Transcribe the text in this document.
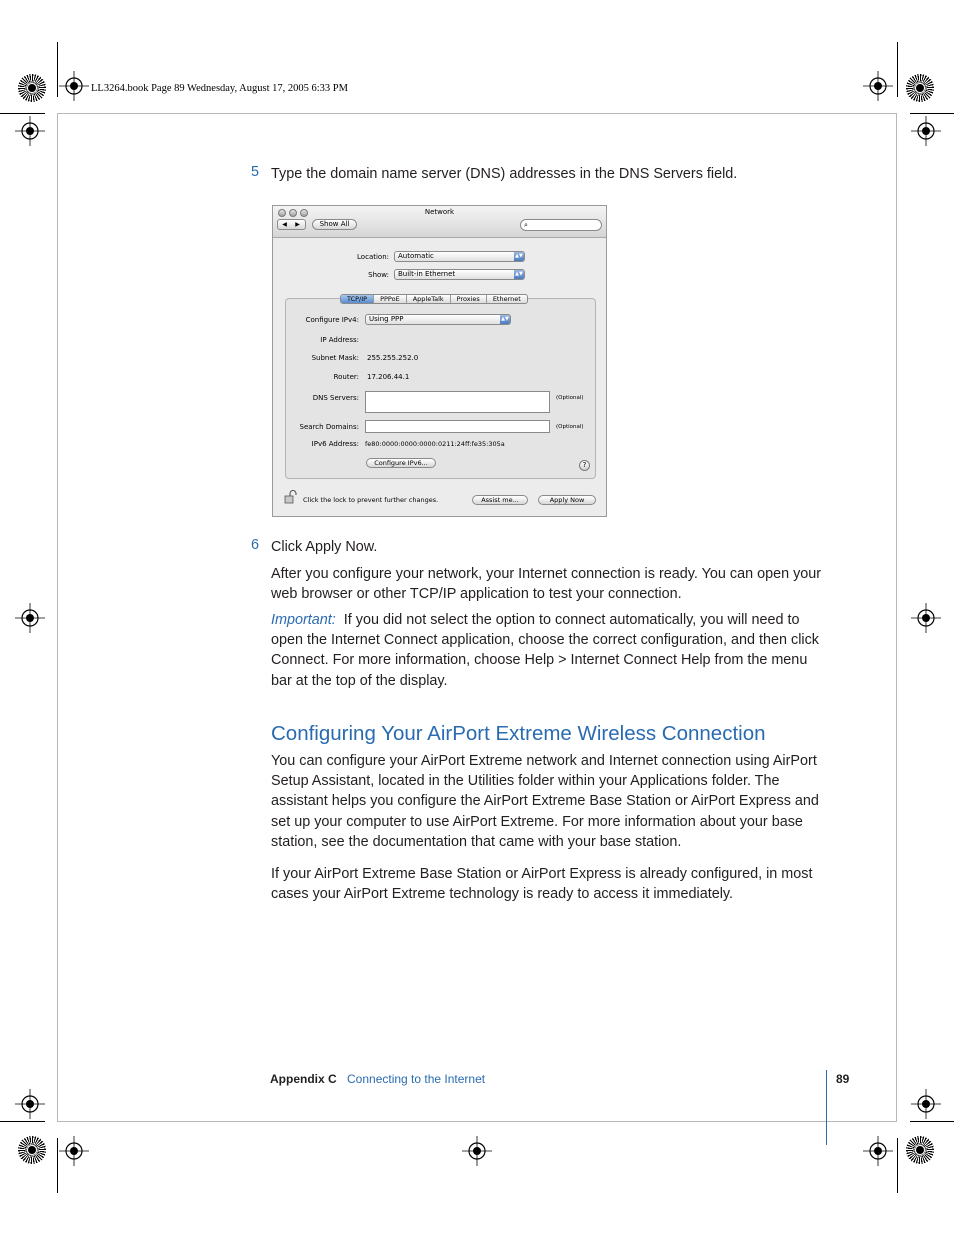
LL3264.book Page 89 Wednesday, August 17, 2005 6:33 PM
5 Type the domain name server (DNS) addresses in the DNS Servers field.

Network
◀ ▶	Show All	⌕
Location:	Automatic	▲▼
Show:	Built-in Ethernet	▲▼
TCP/IP	PPPoE	AppleTalk	Proxies	Ethernet
Configure IPv4:	Using PPP	▲▼
IP Address:
Subnet Mask: 255.255.252.0
Router: 17.206.44.1
DNS Servers:	(Optional)
Search Domains:	(Optional)
IPv6 Address: fe80:0000:0000:0000:0211:24ff:fe35:305a
Configure IPv6...	?
Click the lock to prevent further changes.	Assist me...	Apply Now
6 Click Apply Now.

After you configure your network, your Internet connection is ready. You can open your web browser or other TCP/IP application to test your connection.

Important: If you did not select the option to connect automatically, you will need to open the Internet Connect application, choose the correct configuration, and then click Connect. For more information, choose Help > Internet Connect Help from the menu bar at the top of the display.

Configuring Your AirPort Extreme Wireless Connection

You can configure your AirPort Extreme network and Internet connection using AirPort Setup Assistant, located in the Utilities folder within your Applications folder. The assistant helps you configure the AirPort Extreme Base Station or AirPort Express and set up your computer to use AirPort Extreme. For more information about your base station, see the documentation that came with your base station.

If your AirPort Extreme Base Station or AirPort Express is already configured, in most cases your AirPort Extreme technology is ready to access it immediately.

Appendix C Connecting to the Internet	89
